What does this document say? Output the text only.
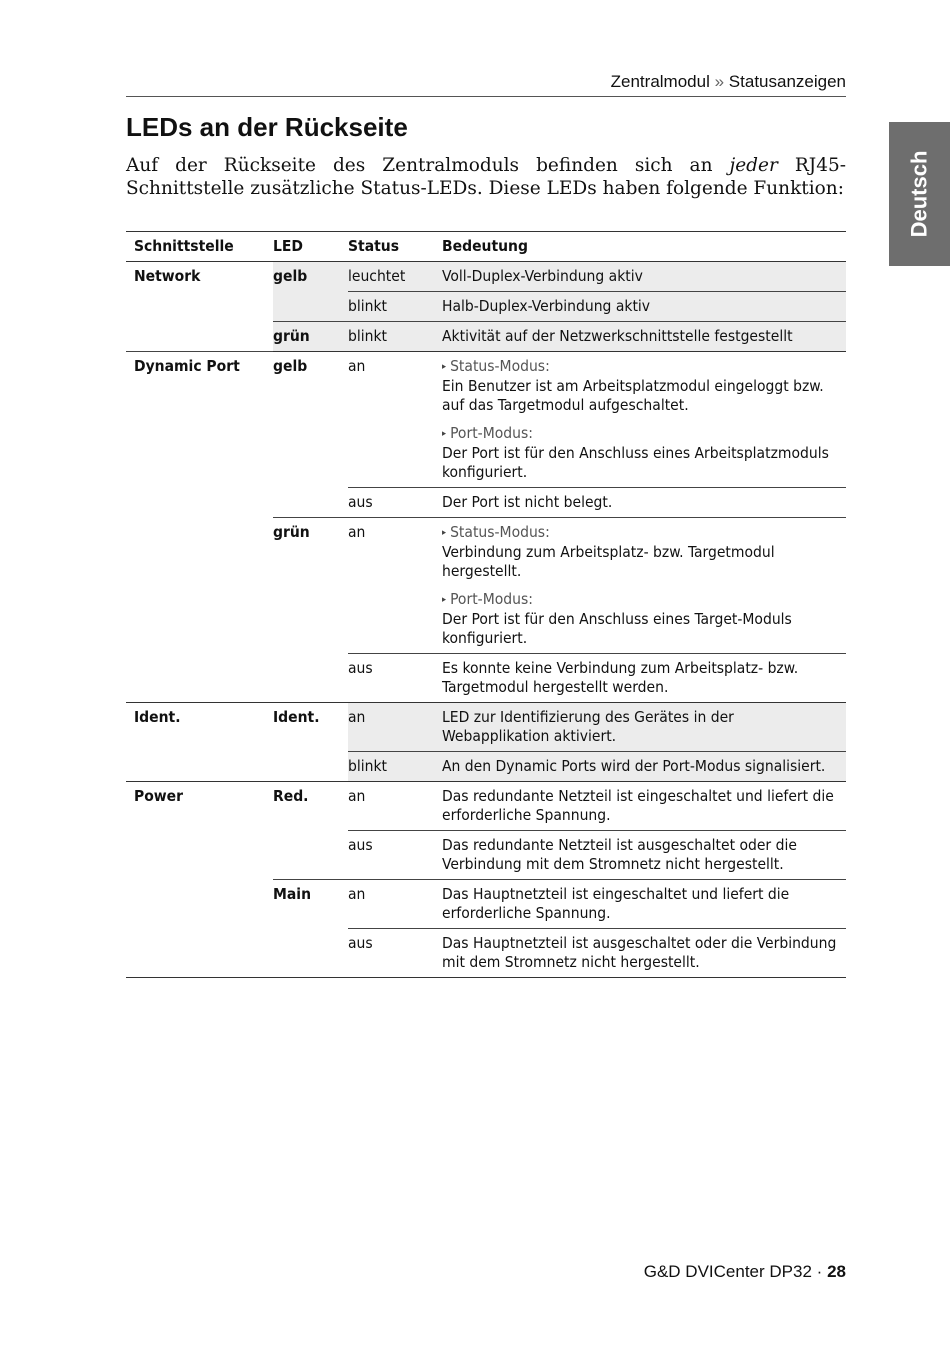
Zentralmodul » Statusanzeigen
Deutsch
LEDs an der Rückseite

Auf der Rückseite des Zentralmoduls befinden sich an jeder RJ45-Schnittstelle zusätzliche Status-LEDs. Diese LEDs haben folgende Funktion:

Schnittstelle	LED	Status	Bedeutung
Network	gelb	leuchtet	Voll-Duplex-Verbindung aktiv
		blinkt	Halb-Duplex-Verbindung aktiv
	grün	blinkt	Aktivität auf der Netzwerkschnittstelle festgestellt
Dynamic Port	gelb	an	▸ Status-Modus:
Ein Benutzer ist am Arbeitsplatzmodul eingeloggt bzw. auf das Targetmodul aufgeschaltet.
▸ Port-Modus:
Der Port ist für den Anschluss eines Arbeitsplatzmoduls konfiguriert.

		aus	Der Port ist nicht belegt.
	grün	an	▸ Status-Modus:
Verbindung zum Arbeitsplatz- bzw. Targetmodul hergestellt.
▸ Port-Modus:
Der Port ist für den Anschluss eines Target-Moduls konfiguriert.

		aus	Es konnte keine Verbindung zum Arbeitsplatz- bzw. Targetmodul hergestellt werden.
Ident.	Ident.	an	LED zur Identifizierung des Gerätes in der Webapplikation aktiviert.
		blinkt	An den Dynamic Ports wird der Port-Modus signalisiert.
Power	Red.	an	Das redundante Netzteil ist eingeschaltet und liefert die erforderliche Spannung.
		aus	Das redundante Netzteil ist ausgeschaltet oder die Verbindung mit dem Stromnetz nicht hergestellt.
	Main	an	Das Hauptnetzteil ist eingeschaltet und liefert die erforderliche Spannung.
		aus	Das Hauptnetzteil ist ausgeschaltet oder die Verbindung mit dem Stromnetz nicht hergestellt.
G&D DVICenter DP32 · 28
